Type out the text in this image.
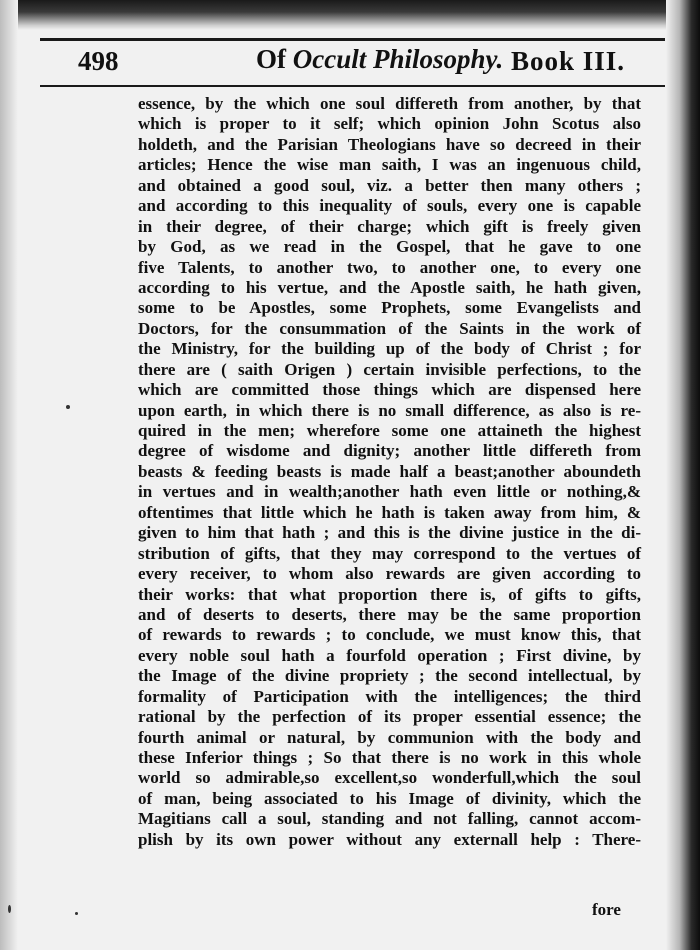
498	Of Occult Philosophy. Book III.
essence, by the which one soul differeth from another, by that
which is proper to it self; which opinion John Scotus also
holdeth, and the Parisian Theologians have so decreed in their
articles; Hence the wise man saith, I was an ingenuous child,
and obtained a good soul, viz. a better then many others ;
and according to this inequality of souls, every one is capable
in their degree, of their charge; which gift is freely given
by God, as we read in the Gospel, that he gave to one
five Talents, to another two, to another one, to every one
according to his vertue, and the Apostle saith, he hath given,
some to be Apostles, some Prophets, some Evangelists and
Doctors, for the consummation of the Saints in the work of
the Ministry, for the building up of the body of Christ ; for
there are ( saith Origen ) certain invisible perfections, to the
which are committed those things which are dispensed here
upon earth, in which there is no small difference, as also is re-
quired in the men; wherefore some one attaineth the highest
degree of wisdome and dignity; another little differeth from
beasts & feeding beasts is made half a beast;another aboundeth
in vertues and in wealth;another hath even little or nothing,&
oftentimes that little which he hath is taken away from him, &
given to him that hath ; and this is the divine justice in the di-
stribution of gifts, that they may correspond to the vertues of
every receiver, to whom also rewards are given according to
their works: that what proportion there is, of gifts to gifts,
and of deserts to deserts, there may be the same proportion
of rewards to rewards ; to conclude, we must know this, that
every noble soul hath a fourfold operation ; First divine, by
the Image of the divine propriety ; the second intellectual, by
formality of Participation with the intelligences; the third
rational by the perfection of its proper essential essence; the
fourth animal or natural, by communion with the body and
these Inferior things ; So that there is no work in this whole
world so admirable,so excellent,so wonderfull,which the soul
of man, being associated to his Image of divinity, which the
Magitians call a soul, standing and not falling, cannot accom-
plish by its own power without any externall help : There-
fore
